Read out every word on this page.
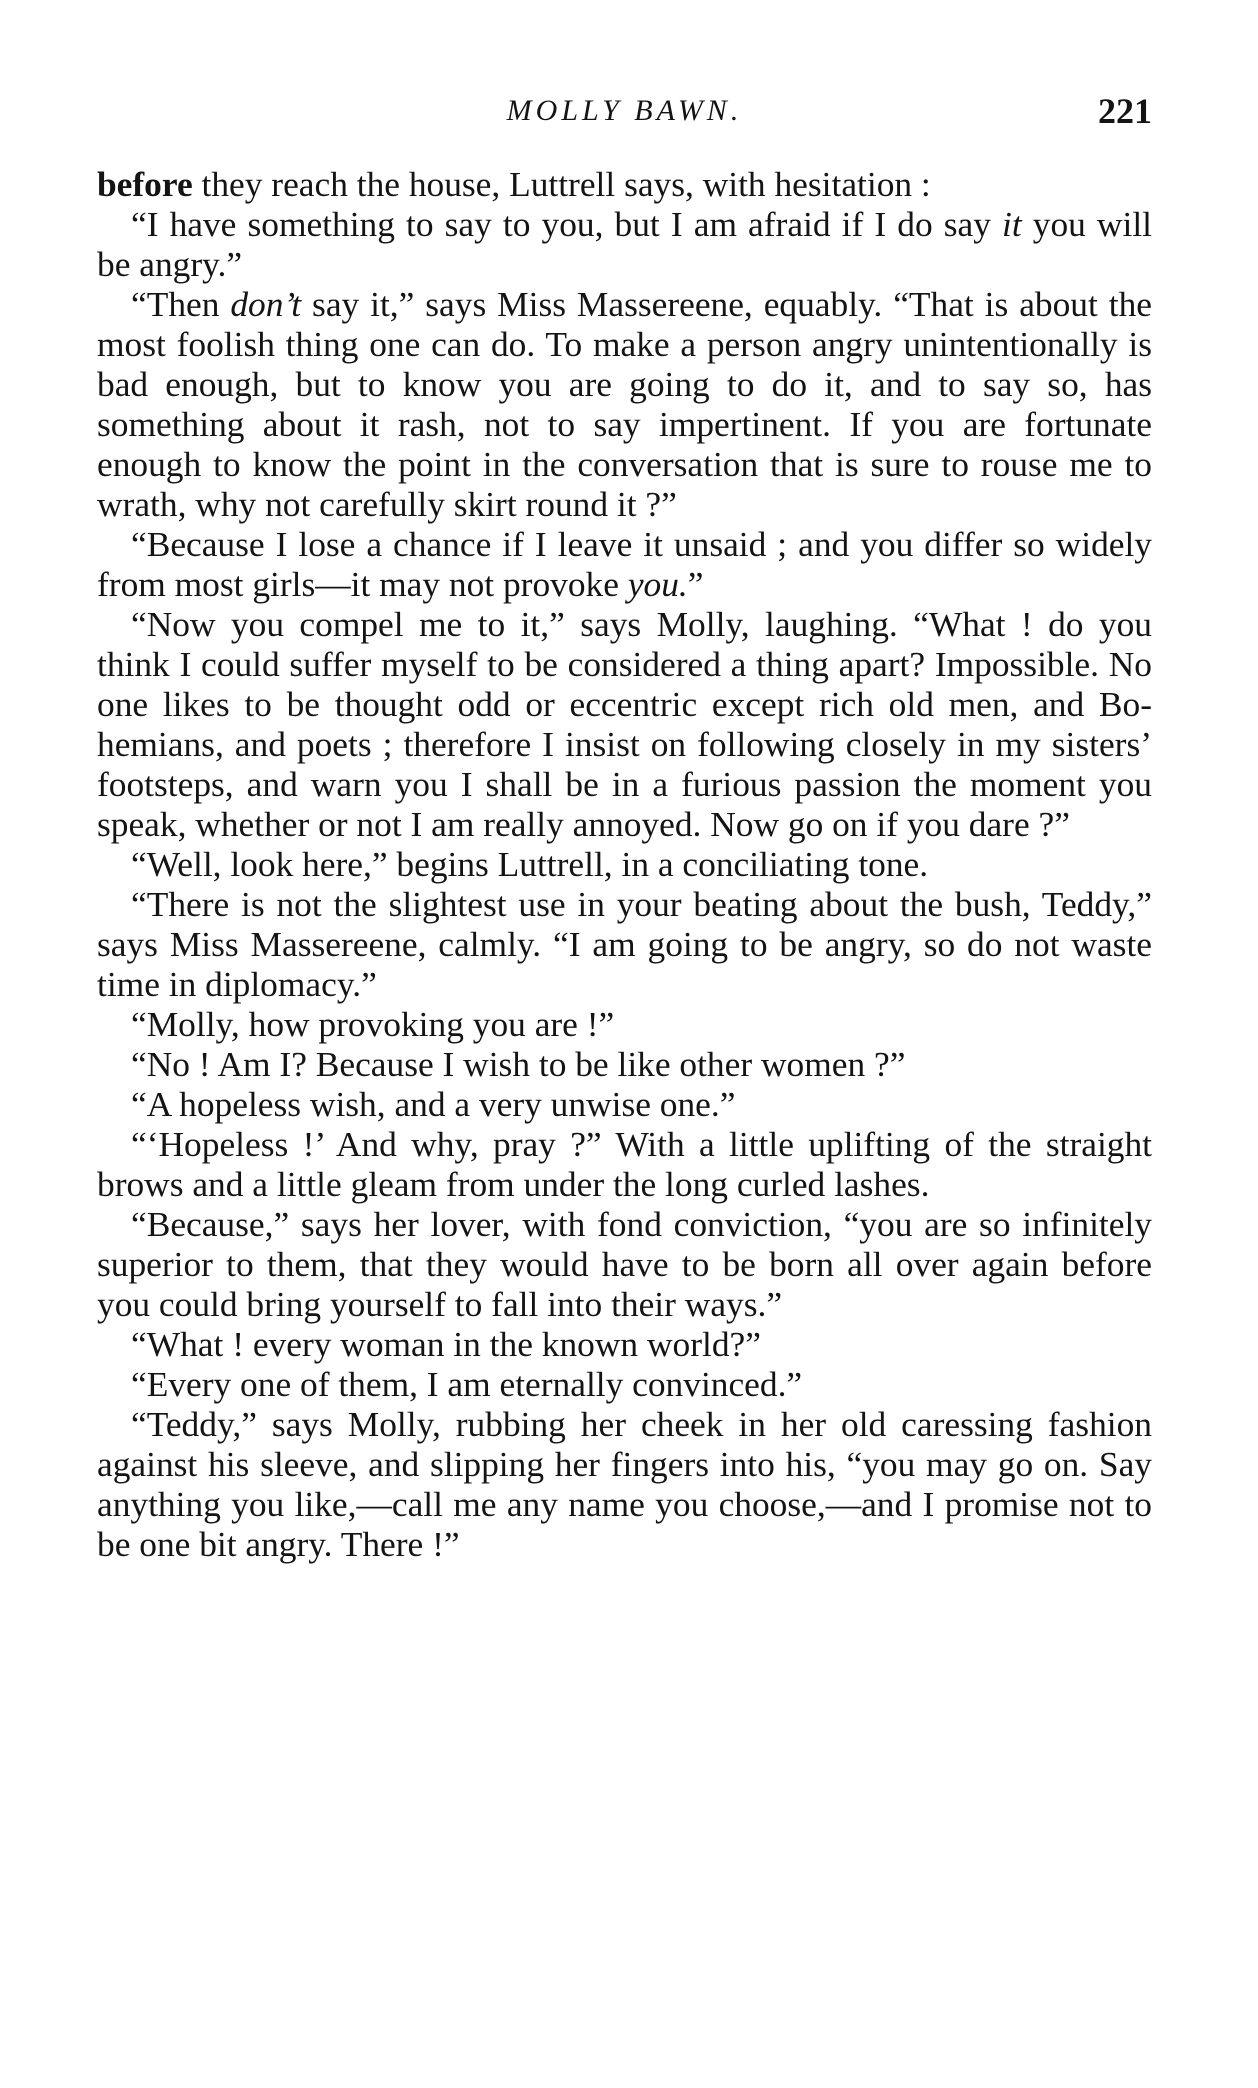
MOLLY BAWN.	221

before they reach the house, Luttrell says, with hesitation :

“I have something to say to you, but I am afraid if I do say it you will be angry.”

“Then don’t say it,” says Miss Massereene, equably. “That is about the most foolish thing one can do. To make a person angry unintentionally is bad enough, but to know you are going to do it, and to say so, has something about it rash, not to say impertinent. If you are fortunate enough to know the point in the conversation that is sure to rouse me to wrath, why not carefully skirt round it ?”

“Because I lose a chance if I leave it unsaid ; and you differ so widely from most girls—it may not provoke you.”

“Now you compel me to it,” says Molly, laughing. “What ! do you think I could suffer myself to be considered a thing apart? Impossible. No one likes to be thought odd or eccentric except rich old men, and Bohemians, and poets ; therefore I insist on following closely in my sisters’ footsteps, and warn you I shall be in a furious passion the moment you speak, whether or not I am really annoyed. Now go on if you dare ?”

“Well, look here,” begins Luttrell, in a conciliating tone.

“There is not the slightest use in your beating about the bush, Teddy,” says Miss Massereene, calmly. “I am going to be angry, so do not waste time in diplomacy.”

“Molly, how provoking you are !”

“No ! Am I? Because I wish to be like other women ?”

“A hopeless wish, and a very unwise one.”

“‘Hopeless !’ And why, pray ?” With a little uplifting of the straight brows and a little gleam from under the long curled lashes.

“Because,” says her lover, with fond conviction, “you are so infinitely superior to them, that they would have to be born all over again before you could bring yourself to fall into their ways.”

“What ! every woman in the known world?”

“Every one of them, I am eternally convinced.”

“Teddy,” says Molly, rubbing her cheek in her old caressing fashion against his sleeve, and slipping her fingers into his, “you may go on. Say anything you like,—call me any name you choose,—and I promise not to be one bit angry. There !”
